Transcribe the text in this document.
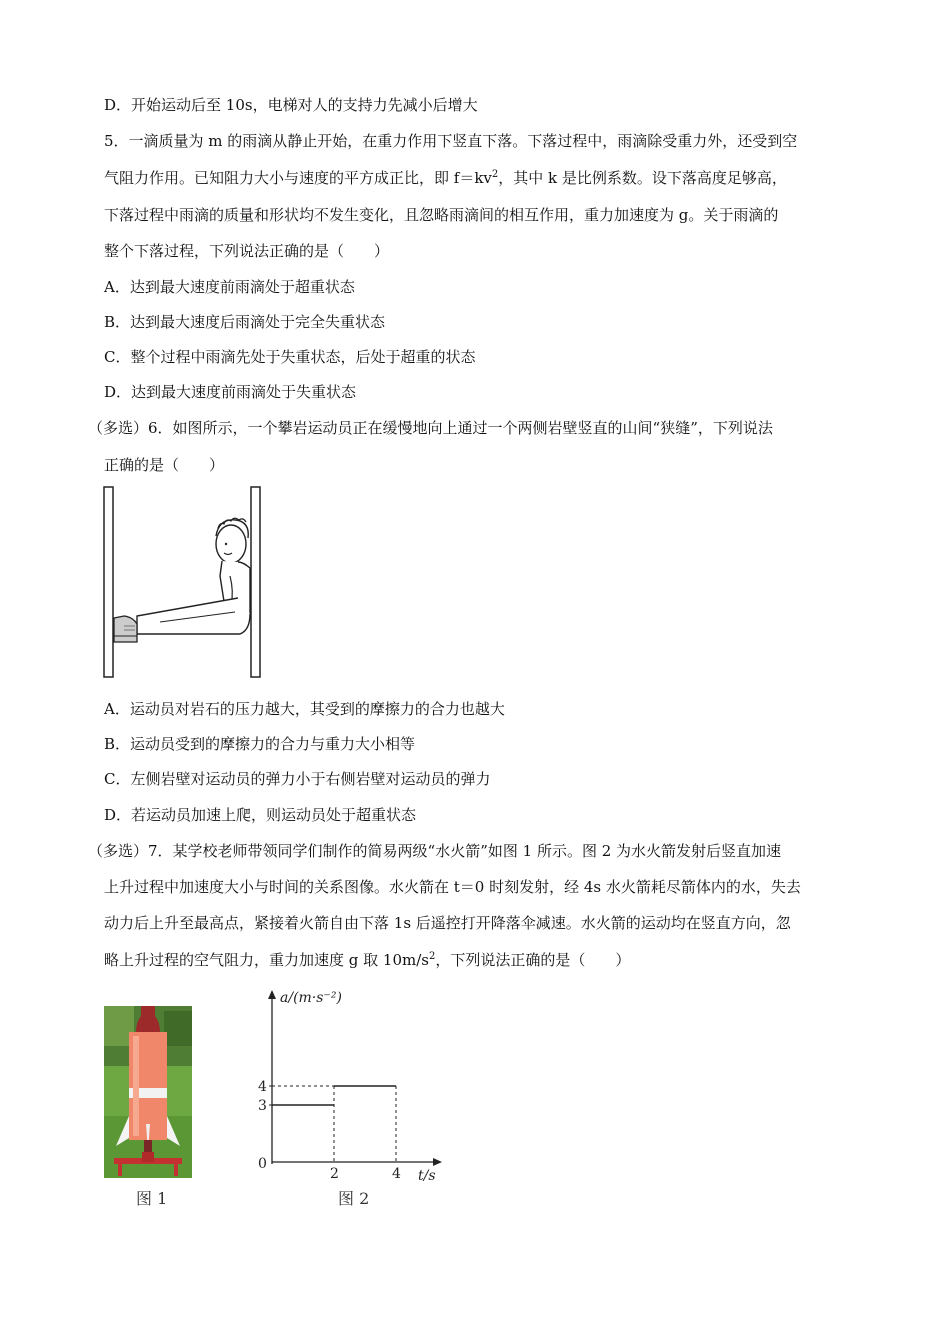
D．开始运动后至 10s，电梯对人的支持力先减小后增大
5．一滴质量为 m 的雨滴从静止开始，在重力作用下竖直下落。下落过程中，雨滴除受重力外，还受到空
气阻力作用。已知阻力大小与速度的平方成正比，即 $f=kv^2$，其中 k 是比例系数。设下落高度足够高，
下落过程中雨滴的质量和形状均不发生变化，且忽略雨滴间的相互作用，重力加速度为 g。关于雨滴的
整个下落过程，下列说法正确的是（　　）
A．达到最大速度前雨滴处于超重状态
B．达到最大速度后雨滴处于完全失重状态
C．整个过程中雨滴先处于失重状态，后处于超重的状态
D．达到最大速度前雨滴处于失重状态
（多选）6．如图所示，一个攀岩运动员正在缓慢地向上通过一个两侧岩壁竖直的山间“狭缝”，下列说法
正确的是（　　）
A．运动员对岩石的压力越大，其受到的摩擦力的合力也越大
B．运动员受到的摩擦力的合力与重力大小相等
C．左侧岩壁对运动员的弹力小于右侧岩壁对运动员的弹力
D．若运动员加速上爬，则运动员处于超重状态
（多选）7．某学校老师带领同学们制作的简易两级“水火箭”如图 1 所示。图 2 为水火箭发射后竖直加速
上升过程中加速度大小与时间的关系图像。水火箭在 t＝0 时刻发射，经 4s 水火箭耗尽箭体内的水，失去
动力后上升至最高点，紧接着火箭自由下落 1s 后遥控打开降落伞减速。水火箭的运动均在竖直方向，忽
略上升过程的空气阻力，重力加速度 g 取 $10m/s^2$，下列说法正确的是（　　）
图 1
a/(m·s⁻²)
t/s
0
2	4
3
4
图 2
